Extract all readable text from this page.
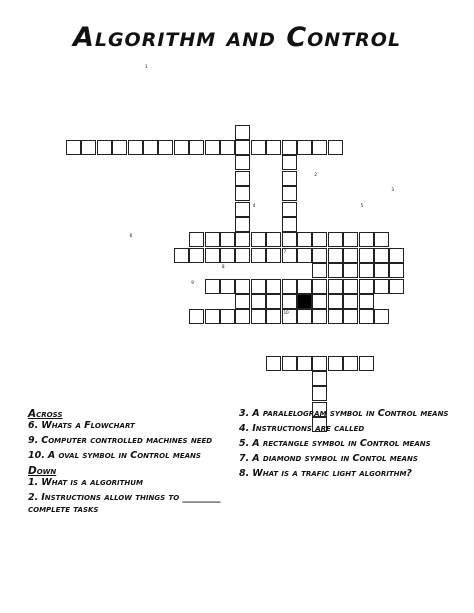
Algorithm and Control
1
2
3
4	5
6
7
8
9
10
Across
6. Whats a Flowchart
9. Computer controlled machines need
10. A oval symbol in Control means
Down
1. What is a algorithum
2. Instructions allow things to ________ complete tasks
3. A paralelogram symbol in Control means
4. Instructions are called
5. A rectangle symbol in Control means
7. A diamond symbol in Contol means
8. What is a trafic light algorithm?
